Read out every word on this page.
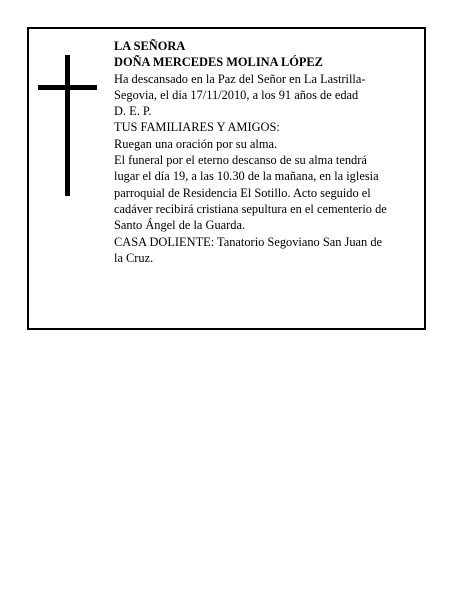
LA SEÑORA

DOÑA MERCEDES MOLINA LÓPEZ

Ha descansado en la Paz del Señor en La Lastrilla-

Segovia, el día 17/11/2010, a los 91 años de edad

D. E. P.

TUS FAMILIARES Y AMIGOS:

Ruegan una oración por su alma.

El funeral por el eterno descanso de su alma tendrá

lugar el día 19, a las 10.30 de la mañana, en la iglesia

parroquial de Residencia El Sotillo. Acto seguido el

cadáver recibirá cristiana sepultura en el cementerio de

Santo Ángel de la Guarda.

CASA DOLIENTE: Tanatorio Segoviano San Juan de

la Cruz.
